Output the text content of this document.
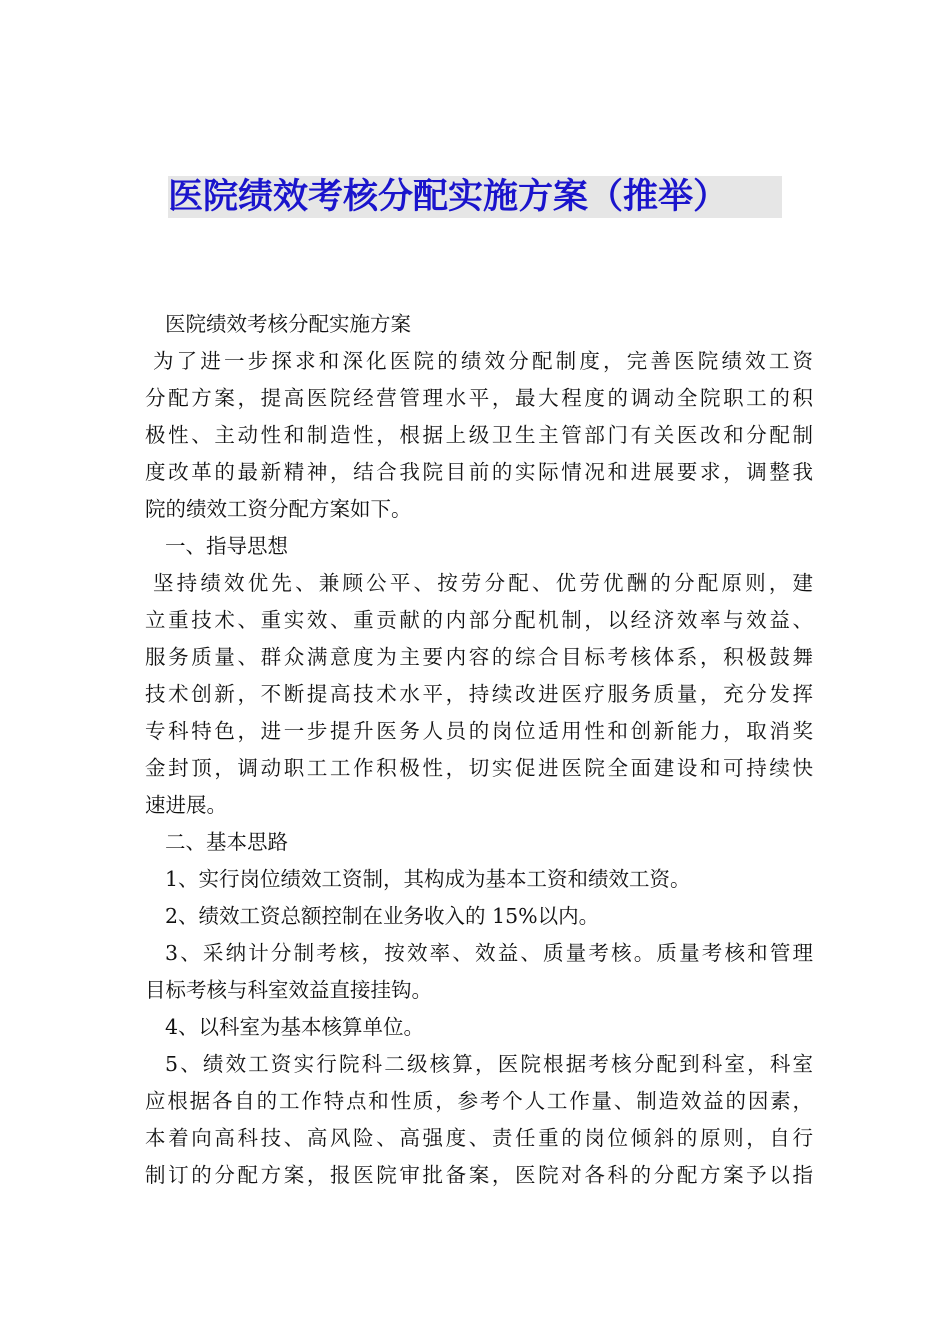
医院绩效考核分配实施方案（推举）
医院绩效考核分配实施方案
为了进一步探求和深化医院的绩效分配制度，完善医院绩效工资
分配方案，提高医院经营管理水平，最大程度的调动全院职工的积
极性、主动性和制造性，根据上级卫生主管部门有关医改和分配制
度改革的最新精神，结合我院目前的实际情况和进展要求，调整我
院的绩效工资分配方案如下。
一、指导思想
坚持绩效优先、兼顾公平、按劳分配、优劳优酬的分配原则，建
立重技术、重实效、重贡献的内部分配机制，以经济效率与效益、
服务质量、群众满意度为主要内容的综合目标考核体系，积极鼓舞
技术创新，不断提高技术水平，持续改进医疗服务质量，充分发挥
专科特色，进一步提升医务人员的岗位适用性和创新能力，取消奖
金封顶，调动职工工作积极性，切实促进医院全面建设和可持续快
速进展。
二、基本思路
1、实行岗位绩效工资制，其构成为基本工资和绩效工资。
2、绩效工资总额控制在业务收入的 15%以内。
3、采纳计分制考核，按效率、效益、质量考核。质量考核和管理
目标考核与科室效益直接挂钩。
4、以科室为基本核算单位。
5、绩效工资实行院科二级核算，医院根据考核分配到科室，科室
应根据各自的工作特点和性质，参考个人工作量、制造效益的因素，
本着向高科技、高风险、高强度、责任重的岗位倾斜的原则，自行
制订的分配方案，报医院审批备案，医院对各科的分配方案予以指
